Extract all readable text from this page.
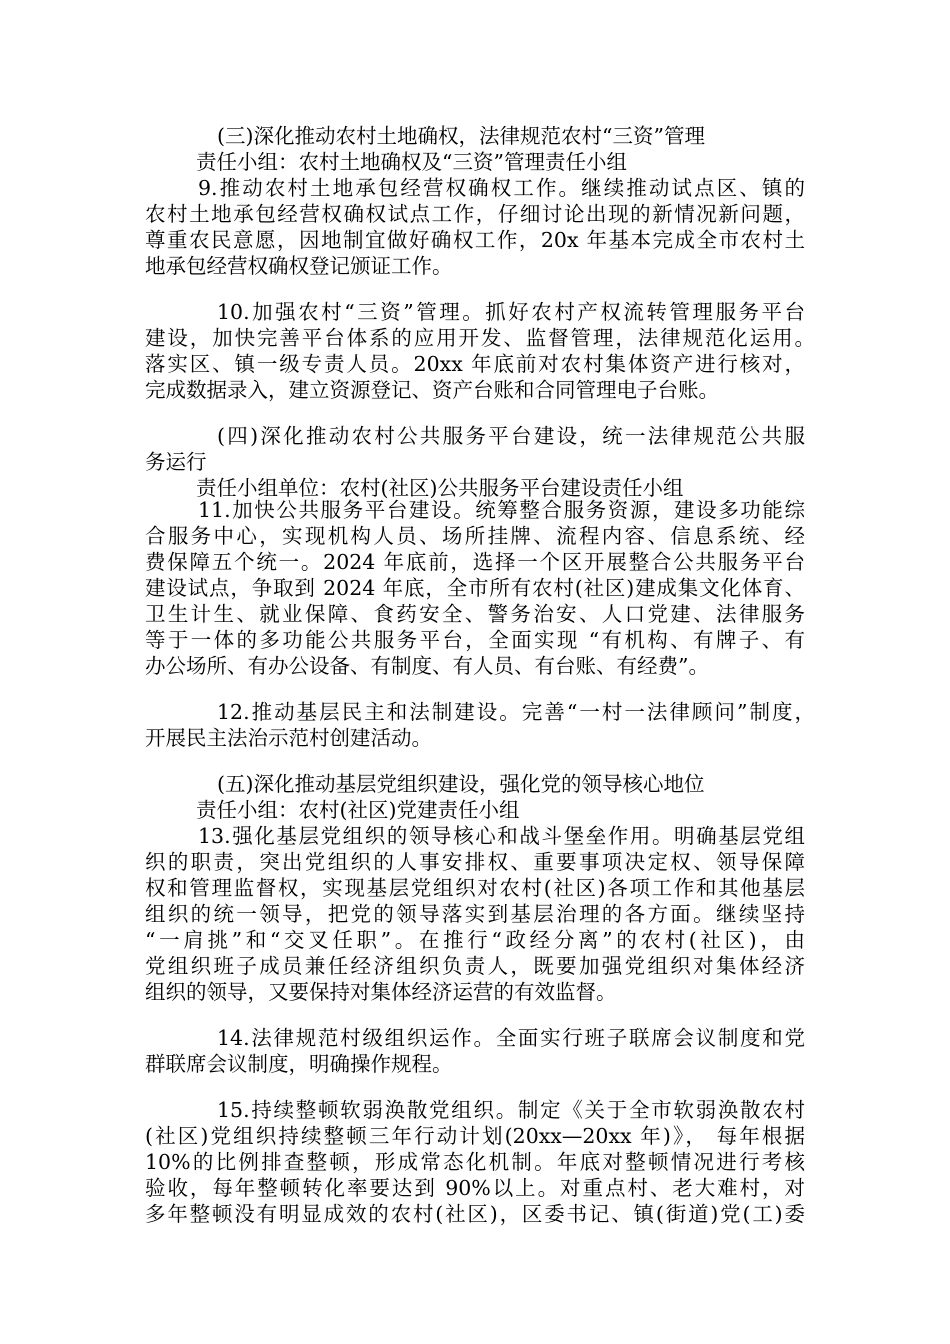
(三)深化推动农村土地确权，法律规范农村“三资”管理
责任小组：农村土地确权及“三资”管理责任小组
9.推动农村土地承包经营权确权工作。继续推动试点区、镇的
农村土地承包经营权确权试点工作，仔细讨论出现的新情况新问题，
尊重农民意愿，因地制宜做好确权工作，20x 年基本完成全市农村土
地承包经营权确权登记颁证工作。
10.加强农村“三资”管理。抓好农村产权流转管理服务平台
建设，加快完善平台体系的应用开发、监督管理，法律规范化运用。
落实区、镇一级专责人员。20xx 年底前对农村集体资产进行核对，
完成数据录入，建立资源登记、资产台账和合同管理电子台账。
(四)深化推动农村公共服务平台建设，统一法律规范公共服
务运行
责任小组单位：农村(社区)公共服务平台建设责任小组
11.加快公共服务平台建设。统筹整合服务资源，建设多功能综
合服务中心，实现机构人员、场所挂牌、流程内容、信息系统、经
费保障五个统一。2024 年底前，选择一个区开展整合公共服务平台
建设试点，争取到 2024 年底，全市所有农村(社区)建成集文化体育、
卫生计生、就业保障、食药安全、警务治安、人口党建、法律服务
等于一体的多功能公共服务平台，全面实现 “有机构、有牌子、有
办公场所、有办公设备、有制度、有人员、有台账、有经费”。
12.推动基层民主和法制建设。完善“一村一法律顾问”制度，
开展民主法治示范村创建活动。
(五)深化推动基层党组织建设，强化党的领导核心地位
责任小组：农村(社区)党建责任小组
13.强化基层党组织的领导核心和战斗堡垒作用。明确基层党组
织的职责，突出党组织的人事安排权、重要事项决定权、领导保障
权和管理监督权，实现基层党组织对农村(社区)各项工作和其他基层
组织的统一领导，把党的领导落实到基层治理的各方面。继续坚持
“一肩挑”和“交叉任职”。在推行“政经分离”的农村(社区)，由
党组织班子成员兼任经济组织负责人，既要加强党组织对集体经济
组织的领导，又要保持对集体经济运营的有效监督。
14.法律规范村级组织运作。全面实行班子联席会议制度和党
群联席会议制度，明确操作规程。
15.持续整顿软弱涣散党组织。制定《关于全市软弱涣散农村
(社区)党组织持续整顿三年行动计划(20xx—20xx 年)》， 每年根据
10%的比例排查整顿，形成常态化机制。年底对整顿情况进行考核
验收，每年整顿转化率要达到 90%以上。对重点村、老大难村，对
多年整顿没有明显成效的农村(社区)，区委书记、镇(街道)党(工)委
